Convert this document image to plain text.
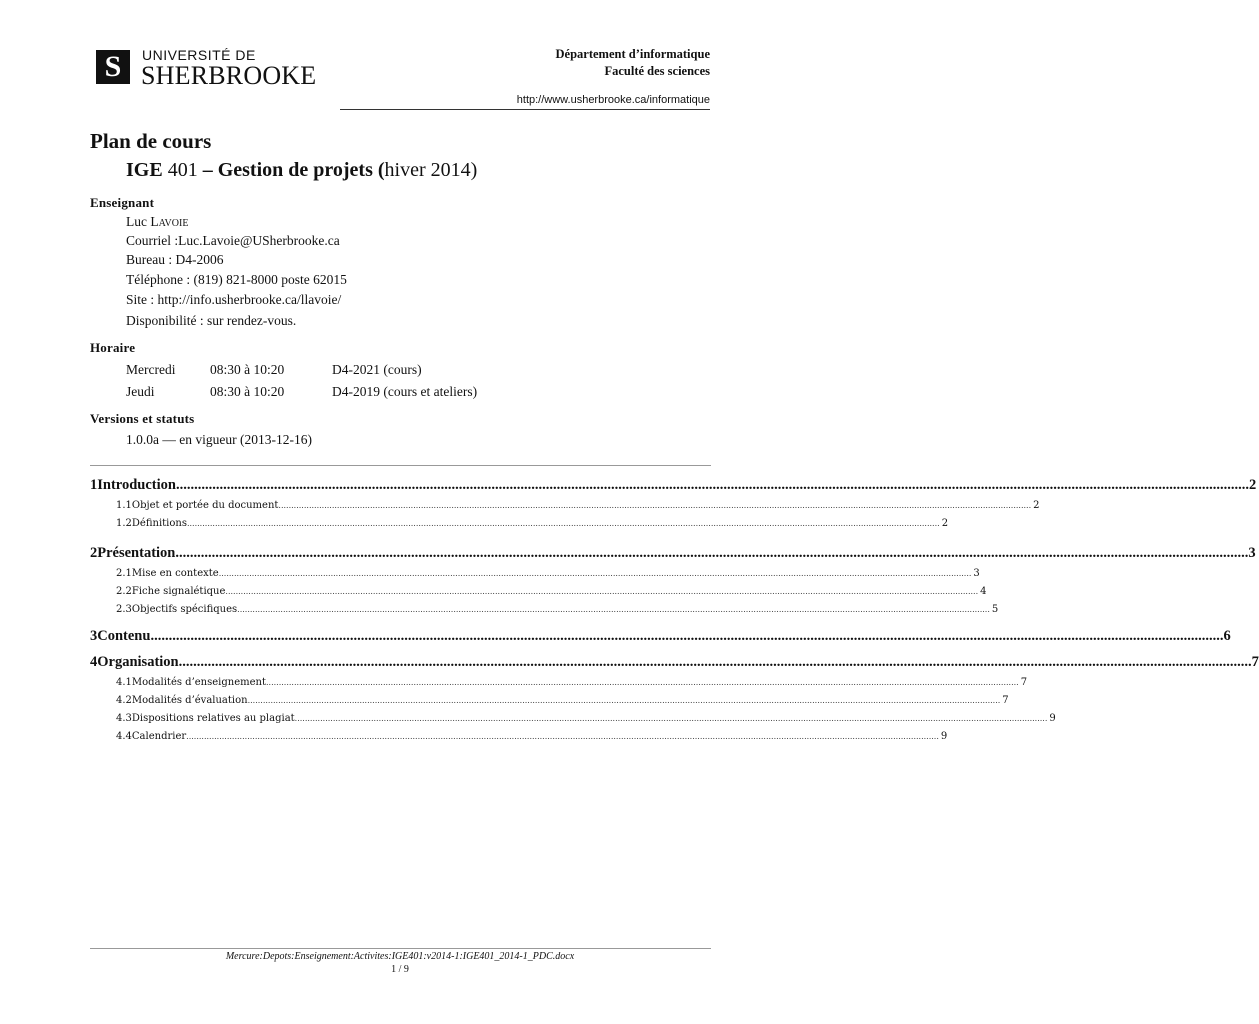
S	UNIVERSITÉ DE
SHERBROOKE
Département d’informatique
Faculté des sciences
http://www.usherbrooke.ca/informatique
Plan de cours
IGE 401 – Gestion de projets (hiver 2014)
Enseignant
Luc LAVOIE
Courriel :Luc.Lavoie@USherbrooke.ca
Bureau : D4-2006
Téléphone : (819) 821-8000 poste 62015
Site : http://info.usherbrooke.ca/llavoie/
Disponibilité : sur rendez-vous.
Horaire
Mercredi	08:30 à 10:20	D4-2021 (cours)
Jeudi	08:30 à 10:20	D4-2019 (cours et ateliers)
Versions et statuts
1.0.0a — en vigueur (2013-12-16)
1 Introduction ........................................................................................................................................................................................................................................................................................................ 2
1.1 Objet et portée du document ........................................................................................................................................................................................................................................................................................................ 2
1.2 Définitions ........................................................................................................................................................................................................................................................................................................ 2
2 Présentation ........................................................................................................................................................................................................................................................................................................ 3
2.1 Mise en contexte ........................................................................................................................................................................................................................................................................................................ 3
2.2 Fiche signalétique ........................................................................................................................................................................................................................................................................................................ 4
2.3 Objectifs spécifiques ........................................................................................................................................................................................................................................................................................................ 5
3 Contenu ........................................................................................................................................................................................................................................................................................................ 6
4 Organisation ........................................................................................................................................................................................................................................................................................................ 7
4.1 Modalités d’enseignement ........................................................................................................................................................................................................................................................................................................ 7
4.2 Modalités d’évaluation ........................................................................................................................................................................................................................................................................................................ 7
4.3 Dispositions relatives au plagiat ........................................................................................................................................................................................................................................................................................................ 9
4.4 Calendrier ........................................................................................................................................................................................................................................................................................................ 9
Mercure:Depots:Enseignement:Activites:IGE401:v2014-1:IGE401_2014-1_PDC.docx
1 / 9
